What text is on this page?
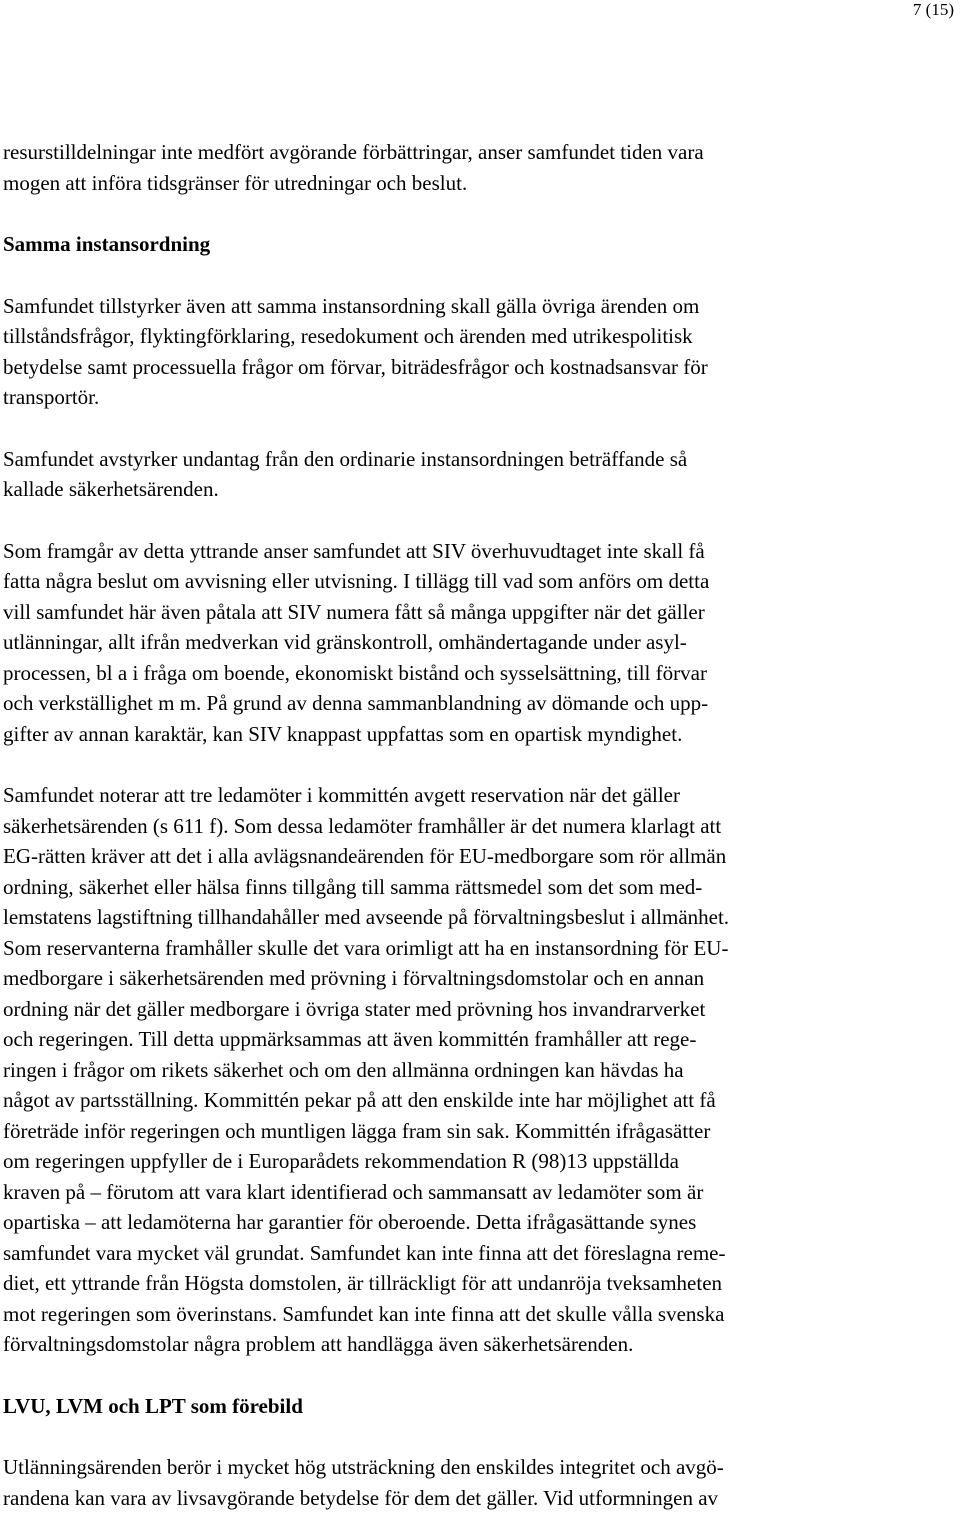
7 (15)
resurstilldelningar inte medfört avgörande förbättringar, anser samfundet tiden vara
mogen att införa tidsgränser för utredningar och beslut.
Samma instansordning
Samfundet tillstyrker även att samma instansordning skall gälla övriga ärenden om
tillståndsfrågor, flyktingförklaring, resedokument och ärenden med utrikespolitisk
betydelse samt processuella frågor om förvar, biträdesfrågor och kostnadsansvar för
transportör.
Samfundet avstyrker undantag från den ordinarie instansordningen beträffande så
kallade säkerhetsärenden.
Som framgår av detta yttrande anser samfundet att SIV överhuvudtaget inte skall få
fatta några beslut om avvisning eller utvisning. I tillägg till vad som anförs om detta
vill samfundet här även påtala att SIV numera fått så många uppgifter när det gäller
utlänningar, allt ifrån medverkan vid gränskontroll, omhändertagande under asyl-
processen, bl a i fråga om boende, ekonomiskt bistånd och sysselsättning, till förvar
och verkställighet m m. På grund av denna sammanblandning av dömande och upp-
gifter av annan karaktär, kan SIV knappast uppfattas som en opartisk myndighet.
Samfundet noterar att tre ledamöter i kommittén avgett reservation när det gäller
säkerhetsärenden (s 611 f). Som dessa ledamöter framhåller är det numera klarlagt att
EG-rätten kräver att det i alla avlägsnandeärenden för EU-medborgare som rör allmän
ordning, säkerhet eller hälsa finns tillgång till samma rättsmedel som det som med-
lemstatens lagstiftning tillhandahåller med avseende på förvaltningsbeslut i allmänhet.
Som reservanterna framhåller skulle det vara orimligt att ha en instansordning för EU-
medborgare i säkerhetsärenden med prövning i förvaltningsdomstolar och en annan
ordning när det gäller medborgare i övriga stater med prövning hos invandrarverket
och regeringen. Till detta uppmärksammas att även kommittén framhåller att rege-
ringen i frågor om rikets säkerhet och om den allmänna ordningen kan hävdas ha
något av partsställning. Kommittén pekar på att den enskilde inte har möjlighet att få
företräde inför regeringen och muntligen lägga fram sin sak. Kommittén ifrågasätter
om regeringen uppfyller de i Europarådets rekommendation R (98)13 uppställda
kraven på – förutom att vara klart identifierad och sammansatt av ledamöter som är
opartiska – att ledamöterna har garantier för oberoende. Detta ifrågasättande synes
samfundet vara mycket väl grundat. Samfundet kan inte finna att det föreslagna reme-
diet, ett yttrande från Högsta domstolen, är tillräckligt för att undanröja tveksamheten
mot regeringen som överinstans. Samfundet kan inte finna att det skulle vålla svenska
förvaltningsdomstolar några problem att handlägga även säkerhetsärenden.
LVU, LVM och LPT som förebild
Utlänningsärenden berör i mycket hög utsträckning den enskildes integritet och avgö-
randena kan vara av livsavgörande betydelse för dem det gäller. Vid utformningen av
